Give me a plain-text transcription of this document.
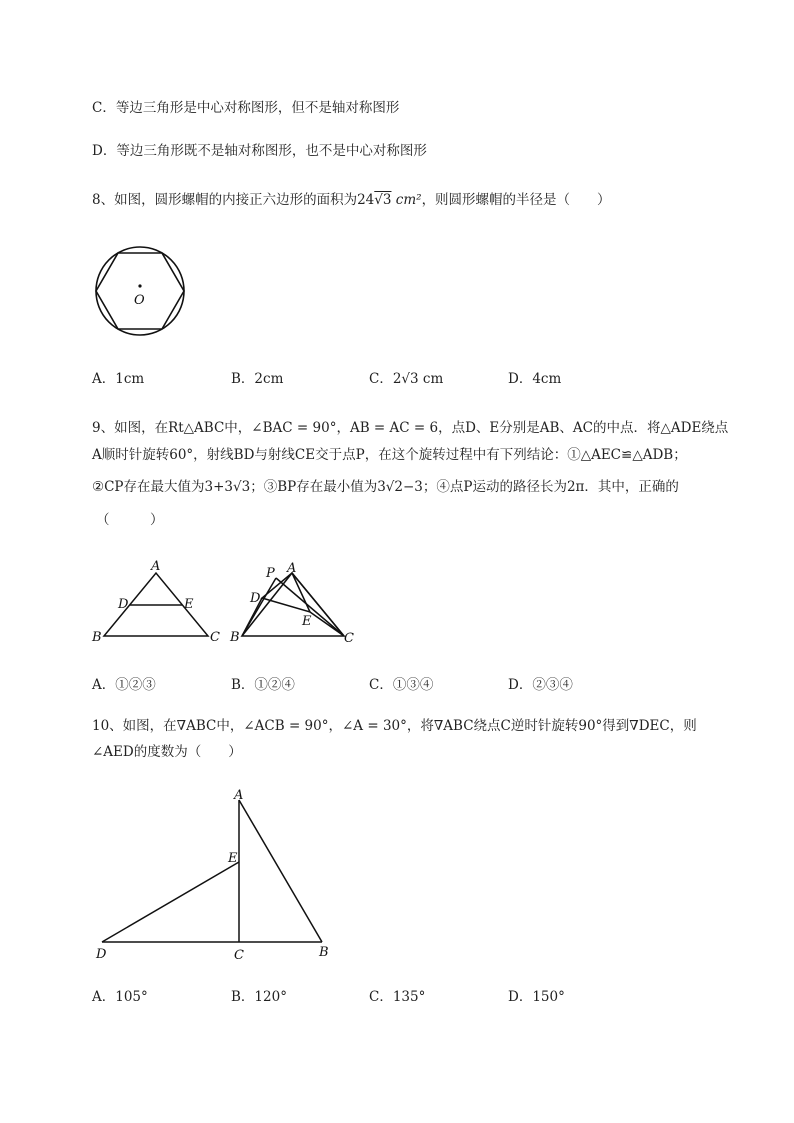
C．等边三角形是中心对称图形，但不是轴对称图形
D．等边三角形既不是轴对称图形，也不是中心对称图形
8、如图，圆形螺帽的内接正六边形的面积为24√3 cm²，则圆形螺帽的半径是（　　）
O
A．1cm	B．2cm	C．2√3 cm	D．4cm
9、如图，在Rt△ABC中，∠BAC = 90°，AB = AC = 6，点D、E分别是AB、AC的中点．将△ADE绕点
A顺时针旋转60°，射线BD与射线CE交于点P，在这个旋转过程中有下列结论：①△AEC≌△ADB；
②CP存在最大值为3+3√3；③BP存在最小值为3√2−3；④点P运动的路径长为2π．其中，正确的
（　　　）
A
D	E
B	C
P A
D
E
B	C
A．①②③	B．①②④	C．①③④	D．②③④
10、如图，在∇ABC中，∠ACB = 90°，∠A = 30°，将∇ABC绕点C逆时针旋转90°得到∇DEC，则
∠AED的度数为（　　）
A
E
D	C	B
A．105°	B．120°	C．135°	D．150°
